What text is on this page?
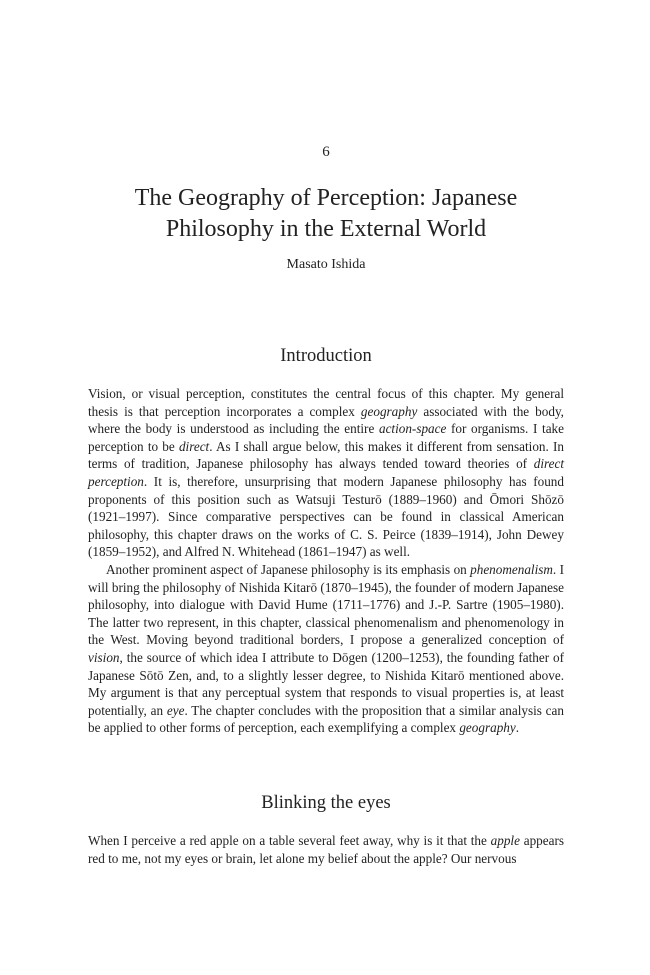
6
The Geography of Perception: Japanese
Philosophy in the External World
Masato Ishida
Introduction

Vision, or visual perception, constitutes the central focus of this chapter. My general thesis is that perception incorporates a complex geography associated with the body, where the body is understood as including the entire action-space for organisms. I take perception to be direct. As I shall argue below, this makes it different from sensation. In terms of tradition, Japanese philosophy has always tended toward theories of direct perception. It is, therefore, unsurprising that modern Japanese philosophy has found proponents of this position such as Watsuji Testurō (1889–1960) and Ōmori Shōzō (1921–1997). Since comparative perspectives can be found in classical American philosophy, this chapter draws on the works of C. S. Peirce (1839–1914), John Dewey (1859–1952), and Alfred N. Whitehead (1861–1947) as well.

Another prominent aspect of Japanese philosophy is its emphasis on phenomenalism. I will bring the philosophy of Nishida Kitarō (1870–1945), the founder of modern Japanese philosophy, into dialogue with David Hume (1711–1776) and J.-P. Sartre (1905–1980). The latter two represent, in this chapter, classical phenomenalism and phenomenology in the West. Moving beyond traditional borders, I propose a generalized conception of vision, the source of which idea I attribute to Dōgen (1200–1253), the founding father of Japanese Sōtō Zen, and, to a slightly lesser degree, to Nishida Kitarō mentioned above. My argument is that any perceptual system that responds to visual properties is, at least potentially, an eye. The chapter concludes with the proposition that a similar analysis can be applied to other forms of perception, each exemplifying a complex geography.

Blinking the eyes

When I perceive a red apple on a table several feet away, why is it that the apple appears red to me, not my eyes or brain, let alone my belief about the apple? Our nervous
